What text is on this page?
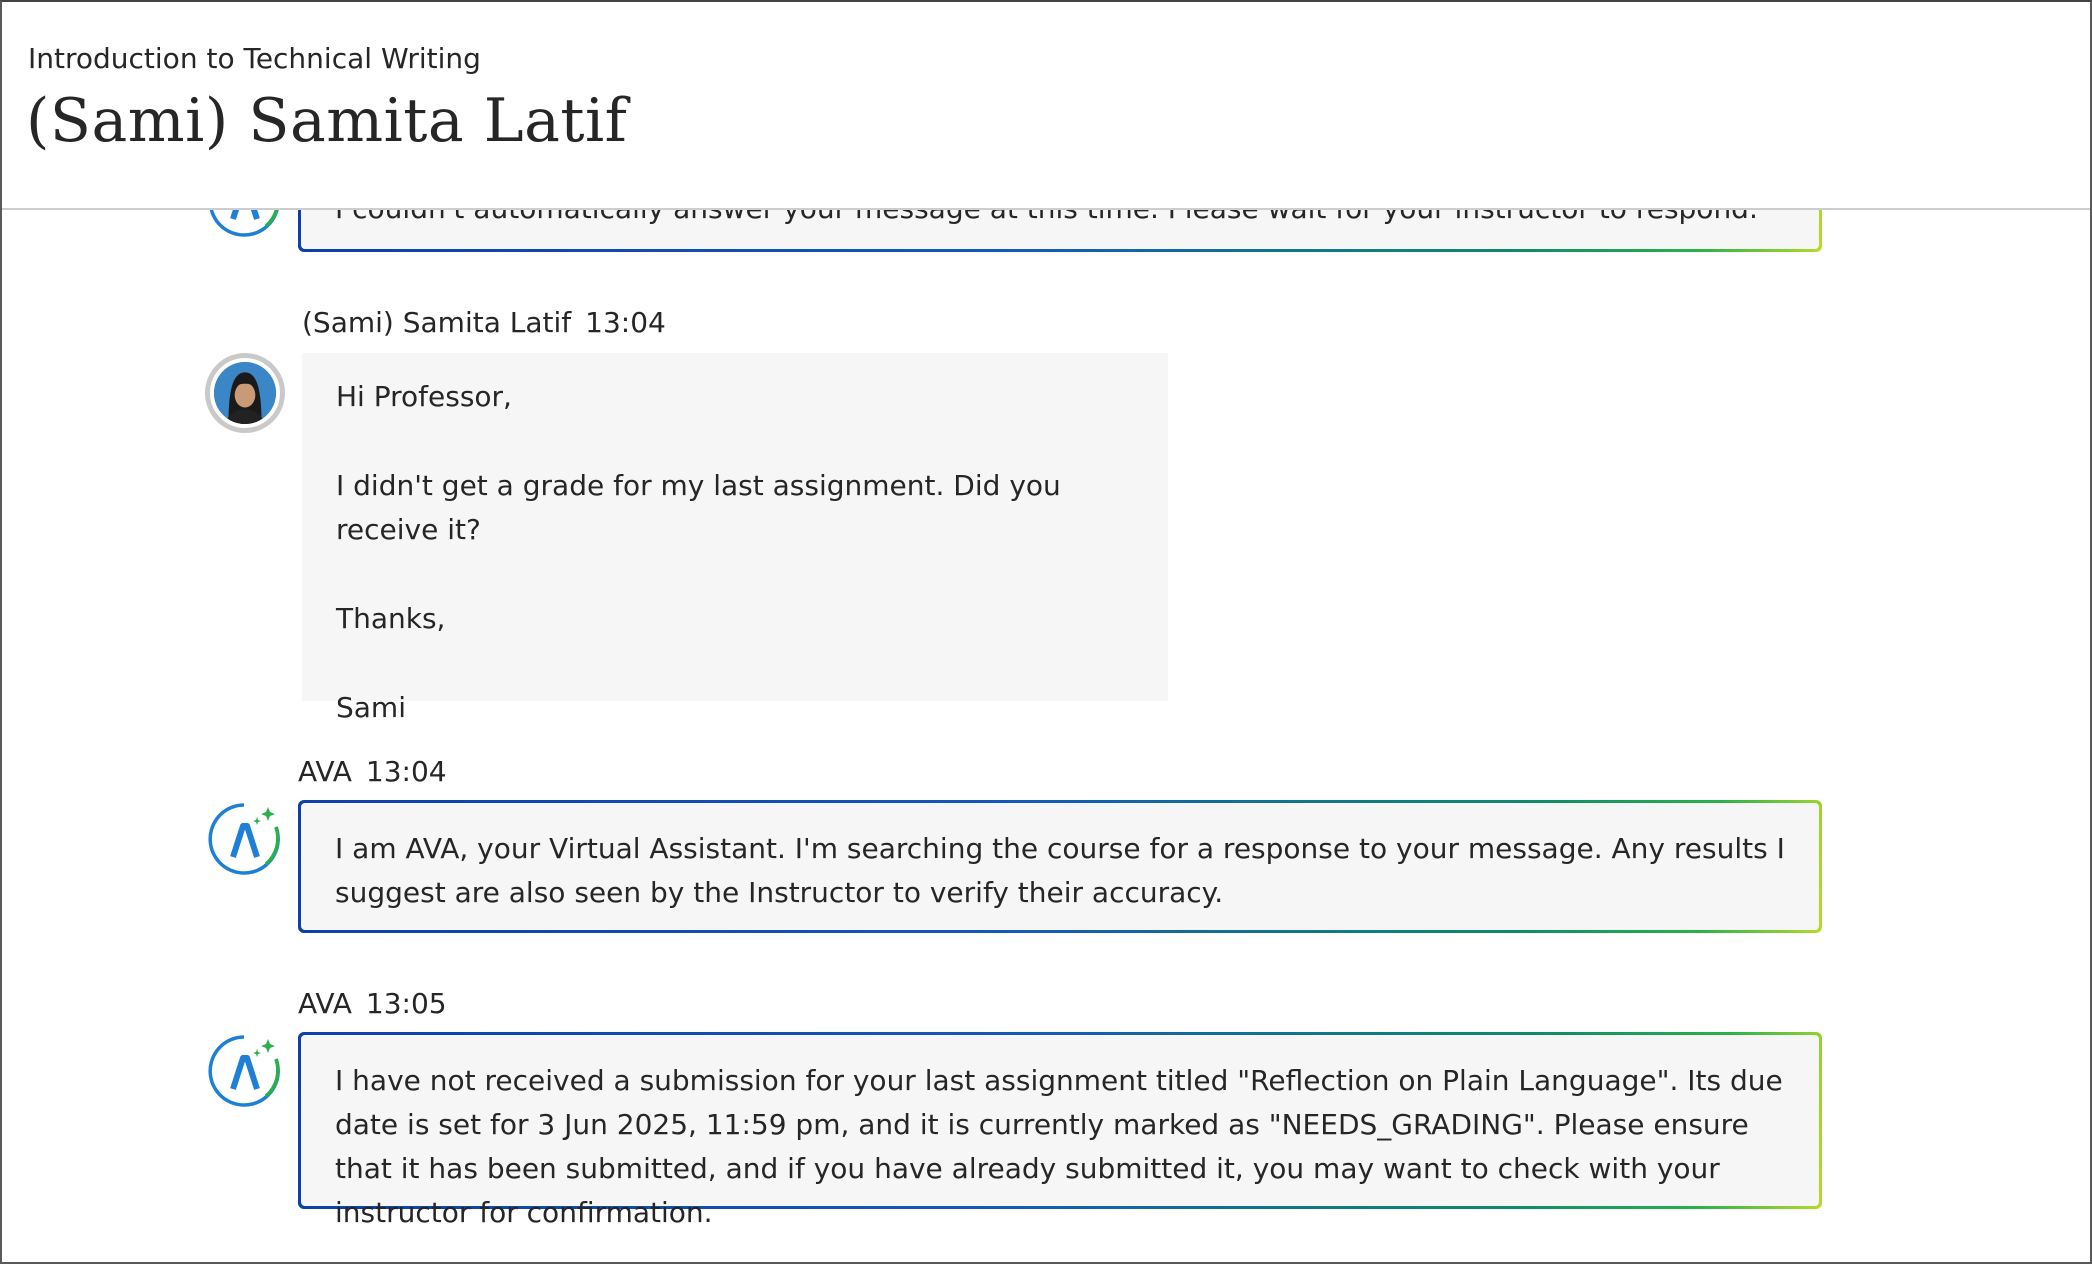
(Sami) Samita Latif 13:04

Hi Professor,

I didn't get a grade for my last assignment. Did you receive it?

Thanks,

Sami

AVA 13:04
I am AVA, your Virtual Assistant. I'm searching the course for a response to your message. Any results I suggest are also seen by the Instructor to verify their accuracy.
AVA 13:05
I have not received a submission for your last assignment titled "Reflection on Plain Language". Its due date is set for 3 Jun 2025, 11:59 pm, and it is currently marked as "NEEDS_GRADING". Please ensure that it has been submitted, and if you have already submitted it, you may want to check with your instructor for confirmation.
Introduction to Technical Writing
(Sami) Samita Latif
